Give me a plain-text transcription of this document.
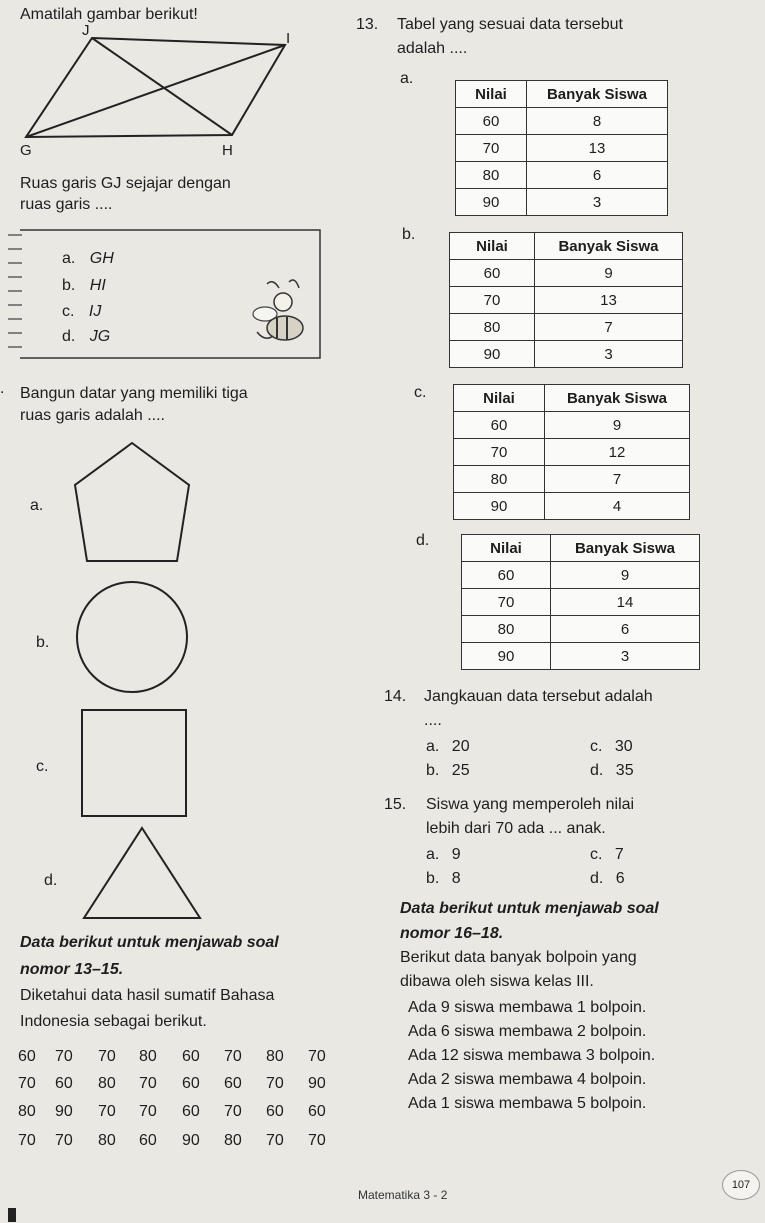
Amatilah gambar berikut!
J	I
G	H
Ruas garis GJ sejajar dengan
ruas garis ....
a. GH
b. HI
c. IJ
d. JG
. Bangun datar yang memiliki tiga
ruas garis adalah ....
a.
b.
c.
d.
Data berikut untuk menjawab soal
nomor 13–15.
Diketahui data hasil sumatif Bahasa
Indonesia sebagai berikut.
60 70 70 80 60 70 80 70
70 60 80 70 60 60 70 90
80 90 70 70 60 70 60 60
70 70 80 60 90 80 70 70
13. Tabel yang sesuai data tersebut
adalah ....
a.
Nilai	Banyak Siswa
60	8
70	13
80	6
90	3
b.
Nilai	Banyak Siswa
60	9
70	13
80	7
90	3
c.	Nilai	Banyak Siswa
60	9
70	12
80	7
90	4
d.	Nilai	Banyak Siswa
60	9
70	14
80	6
90	3
14. Jangkauan data tersebut adalah
....
a. 20
b. 25
c. 30
d. 35
15. Siswa yang memperoleh nilai
lebih dari 70 ada ... anak.
a. 9
b. 8
c. 7
d. 6
Data berikut untuk menjawab soal
nomor 16–18.
Berikut data banyak bolpoin yang
dibawa oleh siswa kelas III.
Ada 9 siswa membawa 1 bolpoin.
Ada 6 siswa membawa 2 bolpoin.
Ada 12 siswa membawa 3 bolpoin.
Ada 2 siswa membawa 4 bolpoin.
Ada 1 siswa membawa 5 bolpoin.
Matematika 3 - 2
107
